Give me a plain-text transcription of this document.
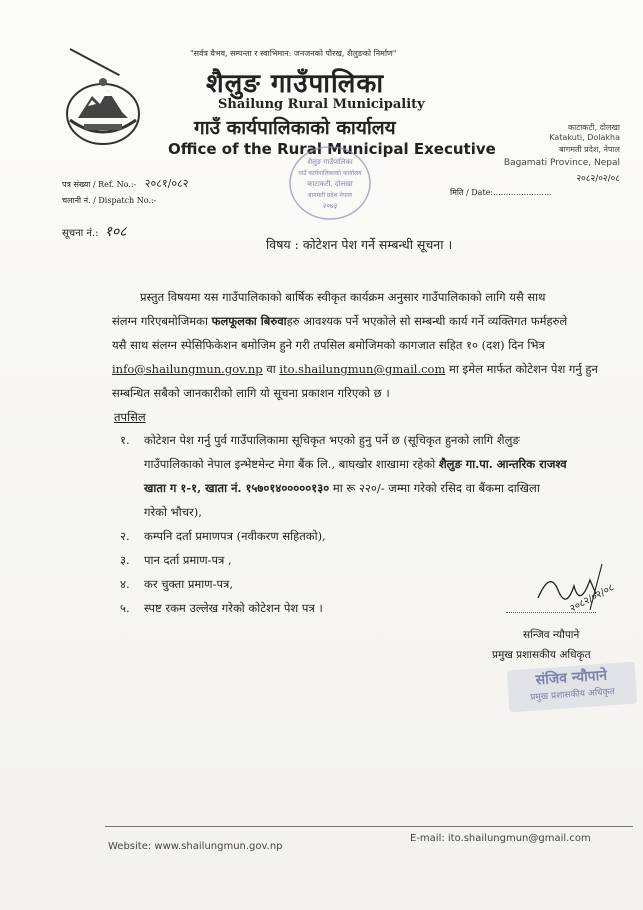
"सर्वत्र वैभव, सम्पन्ता र स्वाभिमान: जनजनको पौरख, शैलुङको निर्माण"
शैलुङ गाउँपालिका
Shailung Rural Municipality
गाउँ कार्यपालिकाको कार्यालय
Office of the Rural Municipal Executive
काटाकटी, दोलखा
Katakuti, Dolakha
बागमती प्रदेश, नेपाल
Bagamati Province, Nepal
२०८२/०२/०८
शैलुङ गाउँपालिका
गाउँ कार्यपालिकाको कार्यालय
काटाकटी, दोलखा
बागमती प्रदेश नेपाल
२०७३
पत्र संख्या / Ref. No.:- २०८१/०८२
चलानी नं. / Dispatch No.:-
मिति / Date:.......................
सूचना नं.: १०८
विषय : कोटेशन पेश गर्ने सम्बन्धी सूचना ।
प्रस्तुत विषयमा यस गाउँपालिकाको बार्षिक स्वीकृत कार्यक्रम अनुसार गाउँपालिकाको लागि यसै साथ
संलग्न गरिएबमोजिमका फलफूलका बिरुवाहरु आवश्यक पर्ने भएकोले सो सम्बन्धी कार्य गर्ने व्यक्तिगत फर्महरुले
यसै साथ संलग्न स्पेसिफिकेशन बमोजिम हुने गरी तपसिल बमोजिमको कागजात सहित १० (दश) दिन भित्र
info@shailungmun.gov.np वा ito.shailungmun@gmail.com मा इमेल मार्फत कोटेशन पेश गर्नु हुन
सम्बन्धित सबैको जानकारीको लागि यो सूचना प्रकाशन गरिएको छ ।
तपसिल
१.	कोटेशन पेश गर्नु पुर्व गाउँपालिकामा सूचिकृत भएको हुनु पर्ने छ (सूचिकृत हुनको लागि शैलुङ
गाउँपालिकाको नेपाल इन्भेष्टमेन्ट मेगा बैंक लि., बाघखोर शाखामा रहेको शैलुङ गा.पा. आन्तरिक राजश्व
खाता ग १-१, खाता नं. १५७०१४०००००१३० मा रू २२०/- जम्मा गरेको रसिद वा बैंकमा दाखिला
गरेको भौचर),
२.	कम्पनि दर्ता प्रमाणपत्र (नवीकरण सहितको),
३.	पान दर्ता प्रमाण-पत्र ,
४.	कर चुक्ता प्रमाण-पत्र,
५.	स्पष्ट रकम उल्लेख गरेको कोटेशन पेश पत्र ।	२०८२/०२/०८
सन्जिव न्यौपाने
प्रमुख प्रशासकीय अधिकृत
संजिव न्यौपाने
प्रमुख प्रशासकीय अधिकृत
Website: www.shailungmun.gov.np
E-mail: ito.shailungmun@gmail.com
